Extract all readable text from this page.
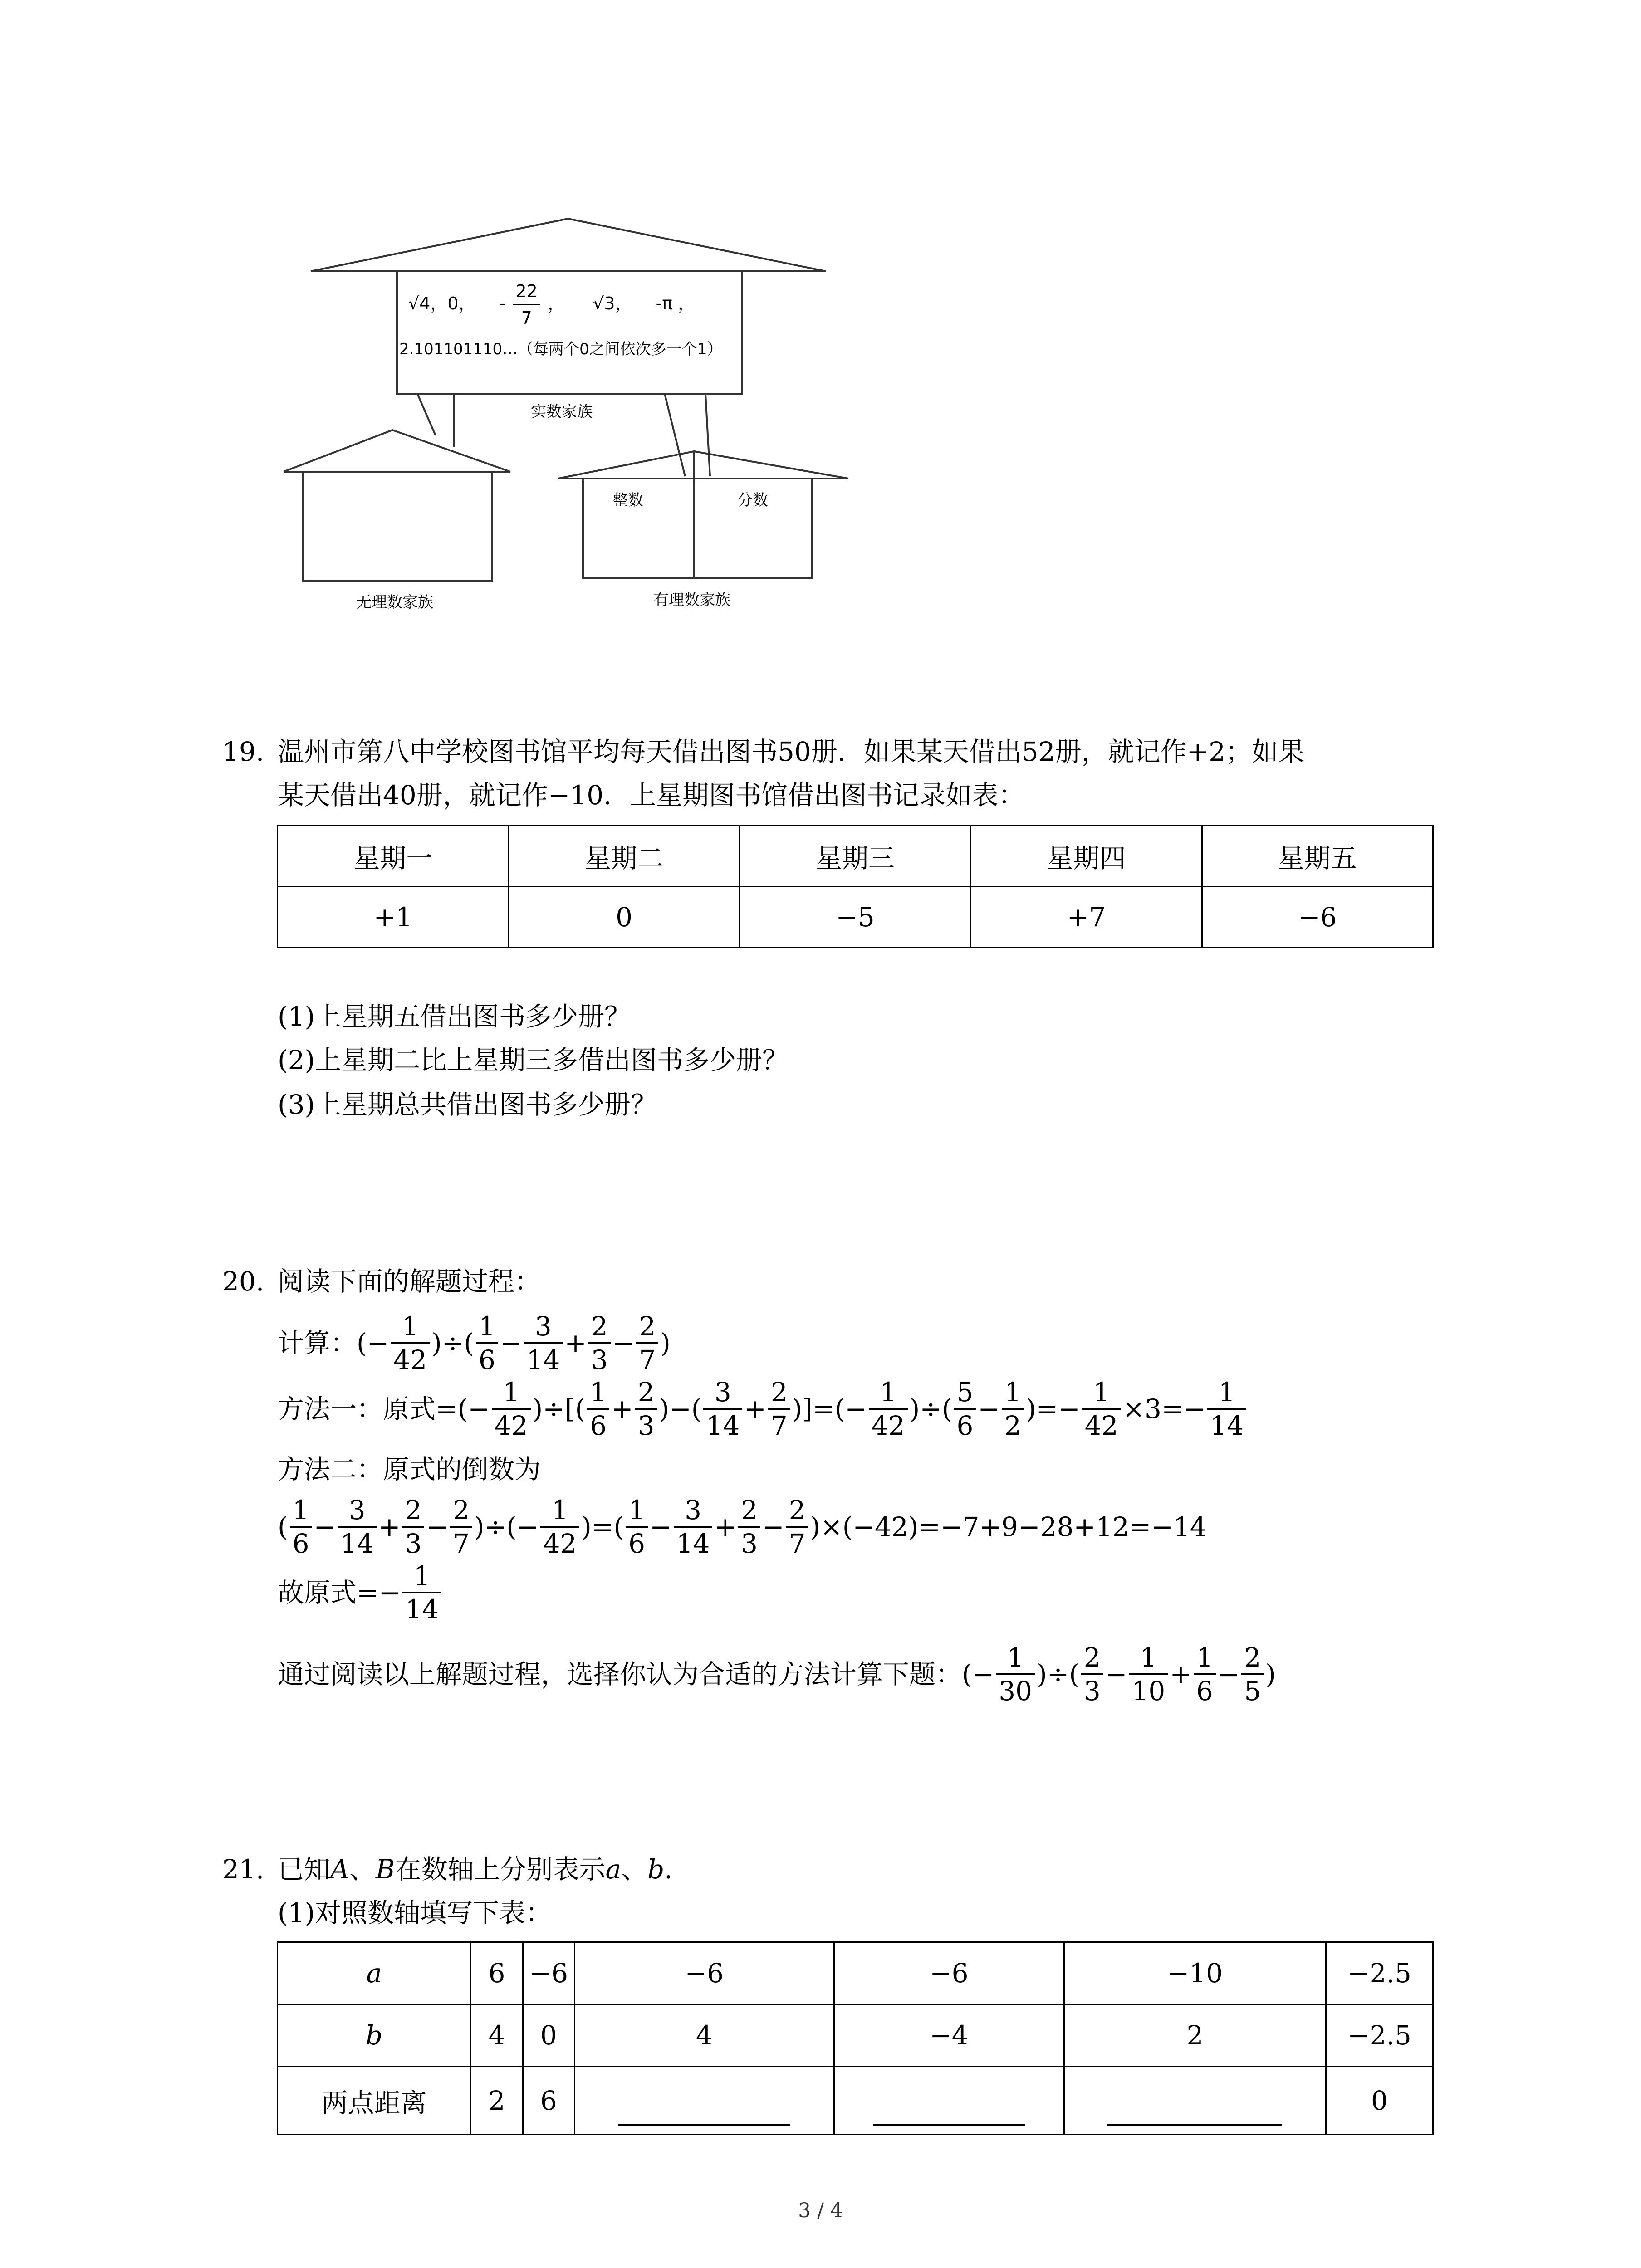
√4，0， - $\frac{22}{7}$ ， √3， -π ，
2.101101110…（每两个0之间依次多一个1）
实数家族
整数	分数
无理数家族	有理数家族
19. 温州市第八中学校图书馆平均每天借出图书50册．如果某天借出52册，就记作+2；如果
某天借出40册，就记作−10．上星期图书馆借出图书记录如表：
星期一	星期二	星期三	星期四	星期五
+1	0	−5	+7	−6
(1)上星期五借出图书多少册？
(2)上星期二比上星期三多借出图书多少册？
(3)上星期总共借出图书多少册？
20. 阅读下面的解题过程：
计算：(− $\frac{1}{42}$ )÷( $\frac{1}{6} - \frac{3}{14} + \frac{2}{3} - \frac{2}{7}$ )
方法一：原式=(− $\frac{1}{42}$ )÷[( $\frac{1}{6} + \frac{2}{3}$ )−( $\frac{3}{14} + \frac{2}{7}$ )]=(− $\frac{1}{42}$ )÷( $\frac{5}{6} - \frac{1}{2}$ )=− $\frac{1}{42} \times 3=- \frac{1}{14}$
方法二：原式的倒数为
( $\frac{1}{6} - \frac{3}{14} + \frac{2}{3} - \frac{2}{7}$ )÷(− $\frac{1}{42}$ )=( $\frac{1}{6} - \frac{3}{14} + \frac{2}{3} - \frac{2}{7} )\times(-42)=-7+9-28+12=-14$
故原式=− $\frac{1}{14}$
通过阅读以上解题过程，选择你认为合适的方法计算下题：(− $\frac{1}{30}$ )÷( $\frac{2}{3} - \frac{1}{10} + \frac{1}{6} - \frac{2}{5}$ )
21. 已知A、B在数轴上分别表示a、b．
(1)对照数轴填写下表：
a	6	−6	−6	−6	−10	−2.5
b	4	0	4	−4	2	−2.5
两点距离	2	6				0
3 / 4
